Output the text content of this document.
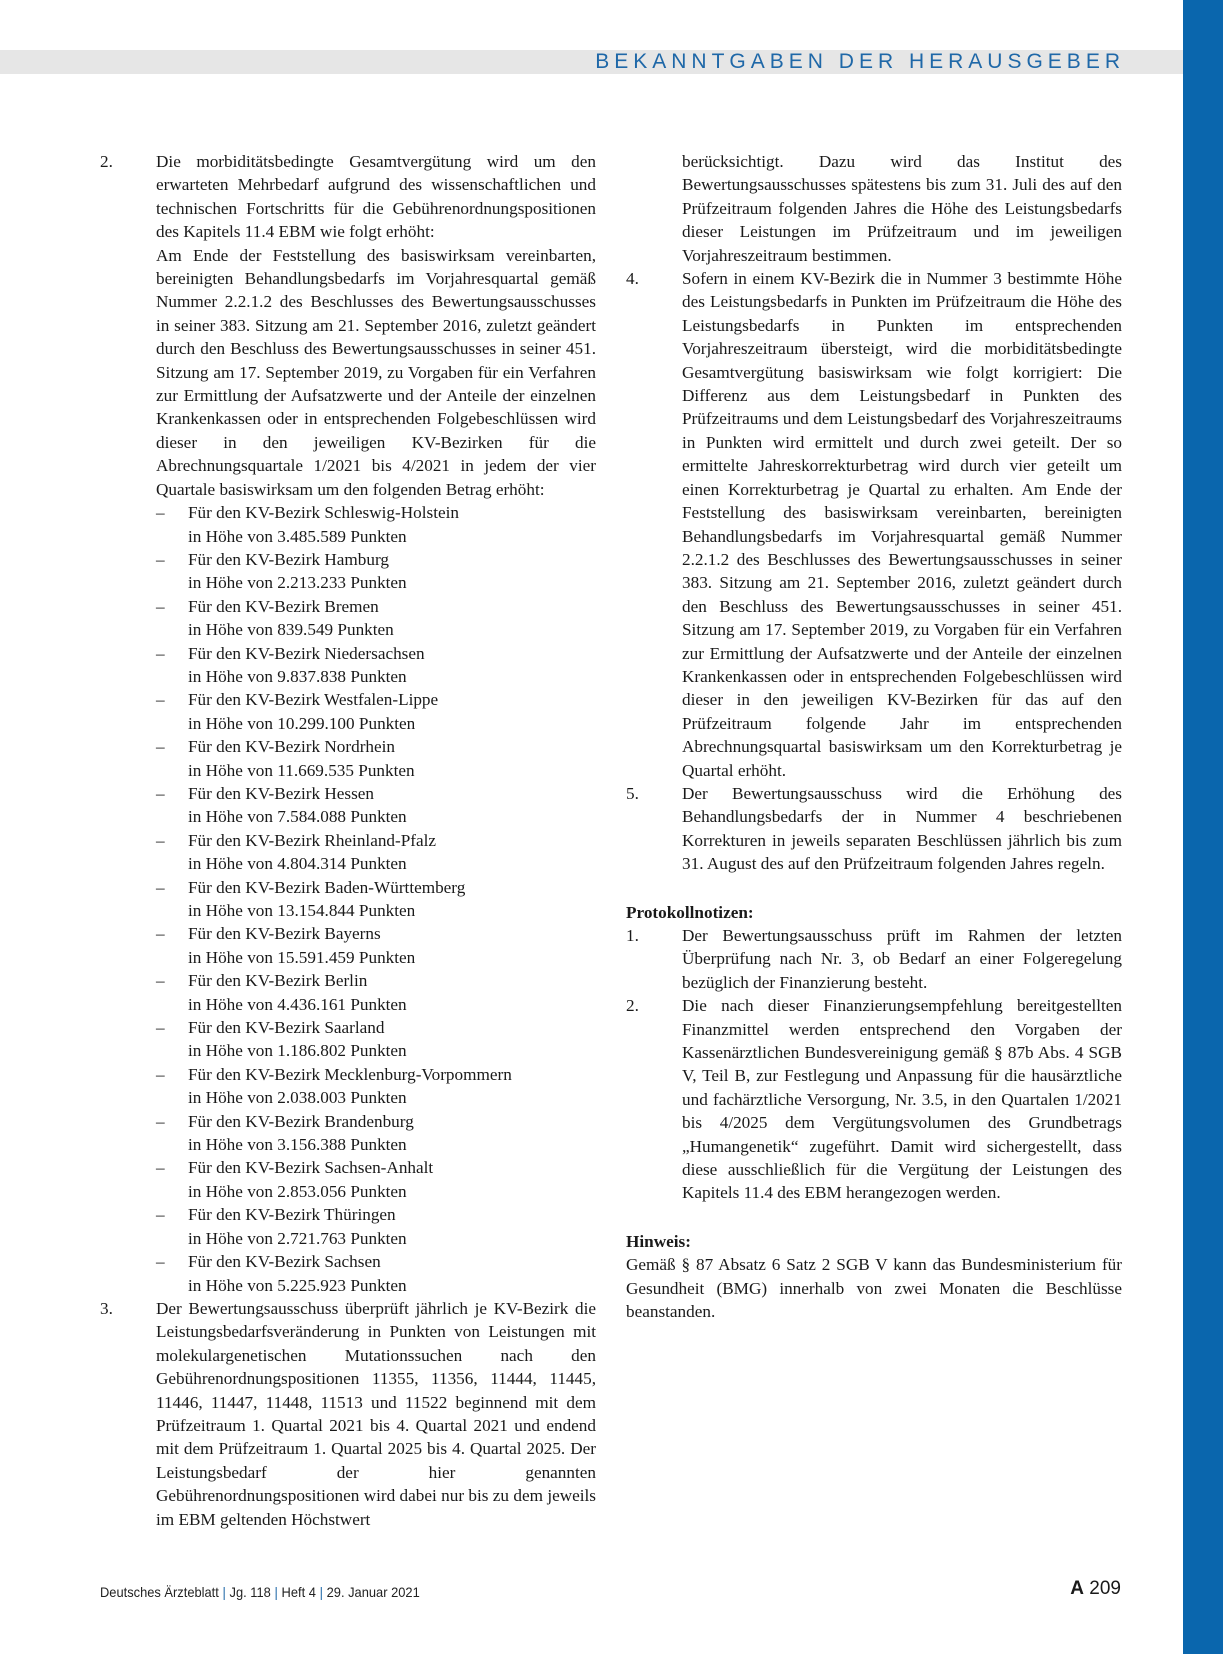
BEKANNTGABEN DER HERAUSGEBER
2.	Die morbiditätsbedingte Gesamtvergütung wird um den erwarteten Mehrbedarf aufgrund des wissenschaftlichen und technischen Fortschritts für die Gebührenordnungspositionen des Kapitels 11.4 EBM wie folgt erhöht:
Am Ende der Feststellung des basiswirksam vereinbarten, bereinigten Behandlungsbedarfs im Vorjahresquartal gemäß Nummer 2.2.1.2 des Beschlusses des Bewertungsausschusses in seiner 383. Sitzung am 21. September 2016, zuletzt geändert durch den Beschluss des Bewertungsausschusses in seiner 451. Sitzung am 17. September 2019, zu Vorgaben für ein Verfahren zur Ermittlung der Aufsatzwerte und der Anteile der einzelnen Krankenkassen oder in entsprechenden Folgebeschlüssen wird dieser in den jeweiligen KV-Bezirken für die Abrechnungsquartale 1/2021 bis 4/2021 in jedem der vier Quartale basiswirksam um den folgenden Betrag erhöht:
– Für den KV-Bezirk Schleswig-Holstein
in Höhe von 3.485.589 Punkten
– Für den KV-Bezirk Hamburg
in Höhe von 2.213.233 Punkten
– Für den KV-Bezirk Bremen
in Höhe von 839.549 Punkten
– Für den KV-Bezirk Niedersachsen
in Höhe von 9.837.838 Punkten
– Für den KV-Bezirk Westfalen-Lippe
in Höhe von 10.299.100 Punkten
– Für den KV-Bezirk Nordrhein
in Höhe von 11.669.535 Punkten
– Für den KV-Bezirk Hessen
in Höhe von 7.584.088 Punkten
– Für den KV-Bezirk Rheinland-Pfalz
in Höhe von 4.804.314 Punkten
– Für den KV-Bezirk Baden-Württemberg
in Höhe von 13.154.844 Punkten
– Für den KV-Bezirk Bayerns
in Höhe von 15.591.459 Punkten
– Für den KV-Bezirk Berlin
in Höhe von 4.436.161 Punkten
– Für den KV-Bezirk Saarland
in Höhe von 1.186.802 Punkten
– Für den KV-Bezirk Mecklenburg-Vorpommern
in Höhe von 2.038.003 Punkten
– Für den KV-Bezirk Brandenburg
in Höhe von 3.156.388 Punkten
– Für den KV-Bezirk Sachsen-Anhalt
in Höhe von 2.853.056 Punkten
– Für den KV-Bezirk Thüringen
in Höhe von 2.721.763 Punkten
– Für den KV-Bezirk Sachsen
in Höhe von 5.225.923 Punkten
3.	Der Bewertungsausschuss überprüft jährlich je KV-Bezirk die Leistungsbedarfsveränderung in Punkten von Leistungen mit molekulargenetischen Mutationssuchen nach den Gebührenordnungspositionen 11355, 11356, 11444, 11445, 11446, 11447, 11448, 11513 und 11522 beginnend mit dem Prüfzeitraum 1. Quartal 2021 bis 4. Quartal 2021 und endend mit dem Prüfzeitraum 1. Quartal 2025 bis 4. Quartal 2025. Der Leistungsbedarf der hier genannten Gebührenordnungspositionen wird dabei nur bis zu dem jeweils im EBM geltenden Höchstwert
berücksichtigt. Dazu wird das Institut des Bewertungsausschusses spätestens bis zum 31. Juli des auf den Prüfzeitraum folgenden Jahres die Höhe des Leistungsbedarfs dieser Leistungen im Prüfzeitraum und im jeweiligen Vorjahreszeitraum bestimmen.
4.	Sofern in einem KV-Bezirk die in Nummer 3 bestimmte Höhe des Leistungsbedarfs in Punkten im Prüfzeitraum die Höhe des Leistungsbedarfs in Punkten im entsprechenden Vorjahreszeitraum übersteigt, wird die morbiditätsbedingte Gesamtvergütung basiswirksam wie folgt korrigiert: Die Differenz aus dem Leistungsbedarf in Punkten des Prüfzeitraums und dem Leistungsbedarf des Vorjahreszeitraums in Punkten wird ermittelt und durch zwei geteilt. Der so ermittelte Jahreskorrekturbetrag wird durch vier geteilt um einen Korrekturbetrag je Quartal zu erhalten. Am Ende der Feststellung des basiswirksam vereinbarten, bereinigten Behandlungsbedarfs im Vorjahresquartal gemäß Nummer 2.2.1.2 des Beschlusses des Bewertungsausschusses in seiner 383. Sitzung am 21. September 2016, zuletzt geändert durch den Beschluss des Bewertungsausschusses in seiner 451. Sitzung am 17. September 2019, zu Vorgaben für ein Verfahren zur Ermittlung der Aufsatzwerte und der Anteile der einzelnen Krankenkassen oder in entsprechenden Folgebeschlüssen wird dieser in den jeweiligen KV-Bezirken für das auf den Prüfzeitraum folgende Jahr im entsprechenden Abrechnungsquartal basiswirksam um den Korrekturbetrag je Quartal erhöht.
5.	Der Bewertungsausschuss wird die Erhöhung des Behandlungsbedarfs der in Nummer 4 beschriebenen Korrekturen in jeweils separaten Beschlüssen jährlich bis zum 31. August des auf den Prüfzeitraum folgenden Jahres regeln.
Protokollnotizen:
1.	Der Bewertungsausschuss prüft im Rahmen der letzten Überprüfung nach Nr. 3, ob Bedarf an einer Folgeregelung bezüglich der Finanzierung besteht.
2.	Die nach dieser Finanzierungsempfehlung bereitgestellten Finanzmittel werden entsprechend den Vorgaben der Kassenärztlichen Bundesvereinigung gemäß § 87b Abs. 4 SGB V, Teil B, zur Festlegung und Anpassung für die hausärztliche und fachärztliche Versorgung, Nr. 3.5, in den Quartalen 1/2021 bis 4/2025 dem Vergütungsvolumen des Grundbetrags „Humangenetik“ zugeführt. Damit wird sichergestellt, dass diese ausschließlich für die Vergütung der Leistungen des Kapitels 11.4 des EBM herangezogen werden.
Hinweis:
Gemäß § 87 Absatz 6 Satz 2 SGB V kann das Bundesministerium für Gesundheit (BMG) innerhalb von zwei Monaten die Beschlüsse beanstanden.
Deutsches Ärzteblatt | Jg. 118 | Heft 4 | 29. Januar 2021	A 209
